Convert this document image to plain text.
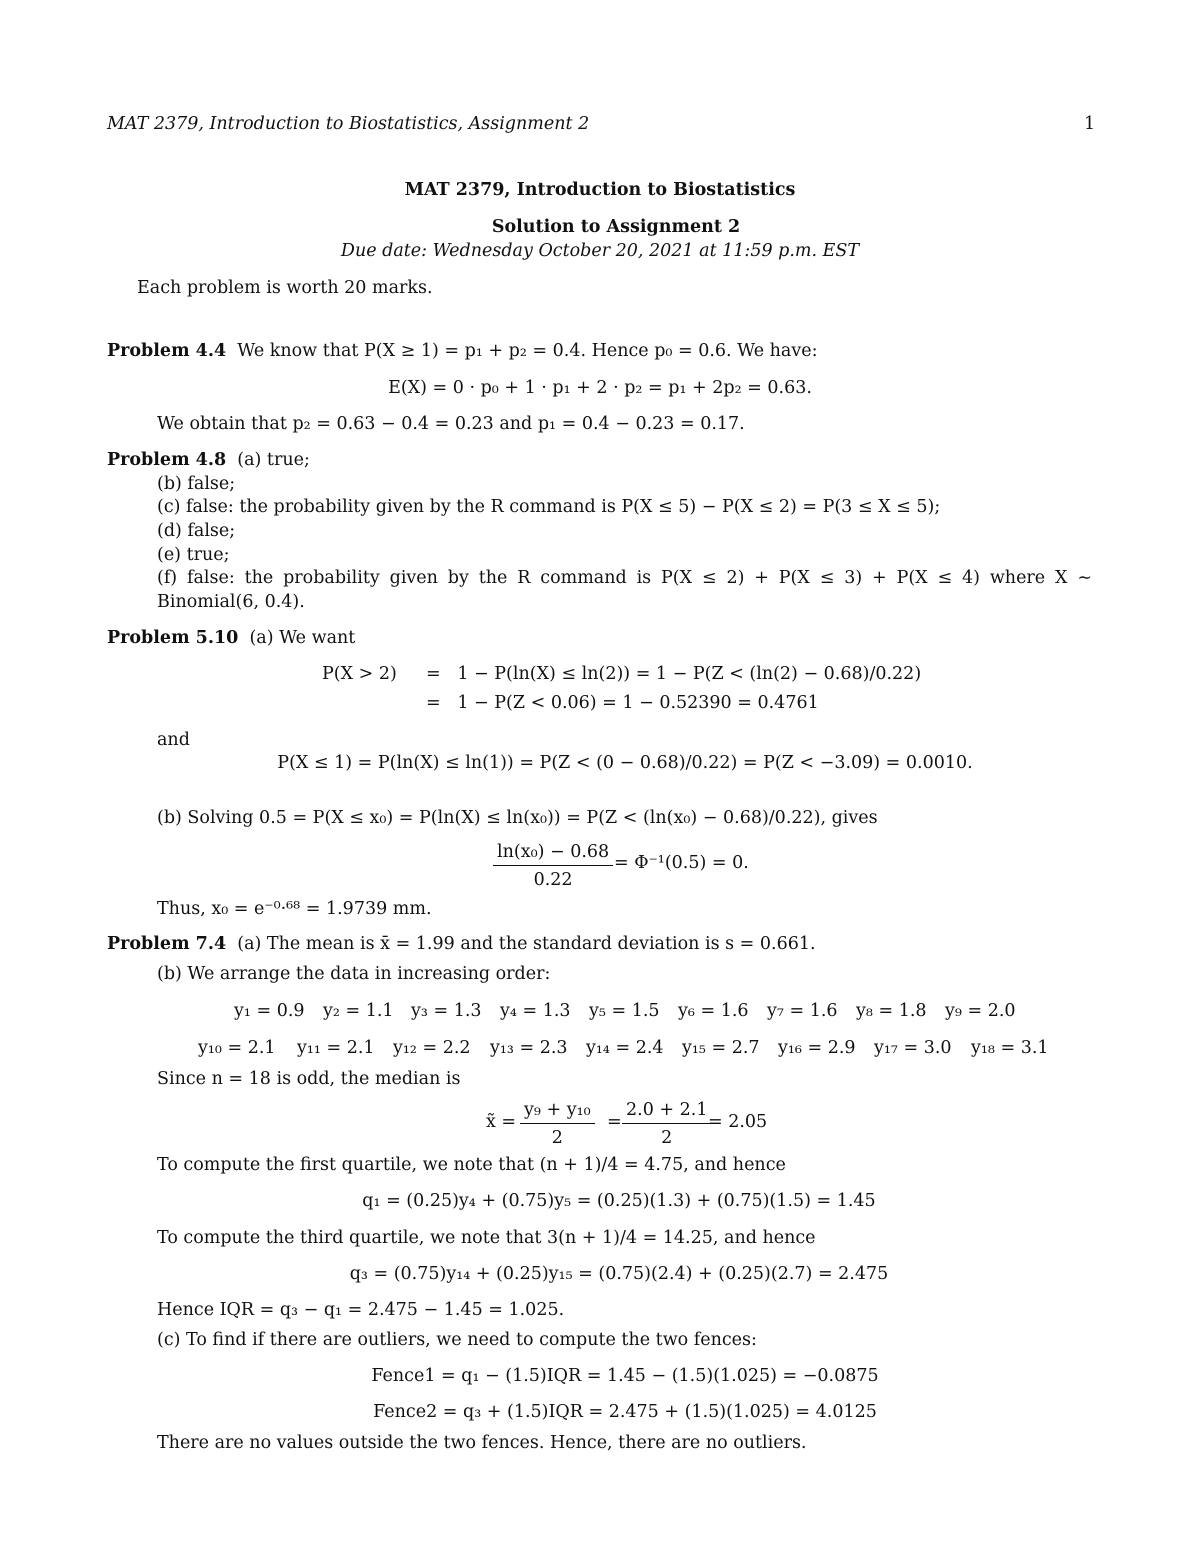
MAT 2379, Introduction to Biostatistics, Assignment 2	1
MAT 2379, Introduction to Biostatistics
Solution to Assignment 2
Due date: Wednesday October 20, 2021 at 11:59 p.m. EST
Each problem is worth 20 marks.
Problem 4.4 We know that P(X ≥ 1) = p₁ + p₂ = 0.4. Hence p₀ = 0.6. We have:
E(X) = 0 · p₀ + 1 · p₁ + 2 · p₂ = p₁ + 2p₂ = 0.63.
We obtain that p₂ = 0.63 − 0.4 = 0.23 and p₁ = 0.4 − 0.23 = 0.17.
Problem 4.8 (a) true;
(b) false;
(c) false: the probability given by the R command is P(X ≤ 5) − P(X ≤ 2) = P(3 ≤ X ≤ 5);
(d) false;
(e) true;
(f) false: the probability given by the R command is P(X ≤ 2) + P(X ≤ 3) + P(X ≤ 4) where X ∼
Binomial(6, 0.4).
Problem 5.10 (a) We want
P(X > 2) =   1 − P(ln(X) ≤ ln(2)) = 1 − P(Z < (ln(2) − 0.68)/0.22)
=   1 − P(Z < 0.06) = 1 − 0.52390 = 0.4761
and
P(X ≤ 1) = P(ln(X) ≤ ln(1)) = P(Z < (0 − 0.68)/0.22) = P(Z < −3.09) = 0.0010.
(b) Solving 0.5 = P(X ≤ x₀) = P(ln(X) ≤ ln(x₀)) = P(Z < (ln(x₀) − 0.68)/0.22), gives
$\frac{\text{ln(x₀) − 0.68}}{0.22} = \Phi^{-1}(0.5) = 0$.
Thus, x₀ = e⁻⁰·⁶⁸ = 1.9739 mm.
Problem 7.4 (a) The mean is x̄ = 1.99 and the standard deviation is s = 0.661.
(b) We arrange the data in increasing order:
y₁ = 0.9 y₂ = 1.1 y₃ = 1.3 y₄ = 1.3 y₅ = 1.5 y₆ = 1.6 y₇ = 1.6 y₈ = 1.8 y₉ = 2.0
y₁₀ = 2.1 y₁₁ = 2.1 y₁₂ = 2.2 y₁₃ = 2.3 y₁₄ = 2.4 y₁₅ = 2.7 y₁₆ = 2.9 y₁₇ = 3.0 y₁₈ = 3.1
Since n = 18 is odd, the median is
x̃ = $\frac{\text{y₉ + y₁₀}}{2} = \frac{2.0 + 2.1}{2}$
= 2.05
To compute the first quartile, we note that (n + 1)/4 = 4.75, and hence
q₁ = (0.25)y₄ + (0.75)y₅ = (0.25)(1.3) + (0.75)(1.5) = 1.45
To compute the third quartile, we note that 3(n + 1)/4 = 14.25, and hence
q₃ = (0.75)y₁₄ + (0.25)y₁₅ = (0.75)(2.4) + (0.25)(2.7) = 2.475
Hence IQR = q₃ − q₁ = 2.475 − 1.45 = 1.025.
(c) To find if there are outliers, we need to compute the two fences:
Fence1 = q₁ − (1.5)IQR = 1.45 − (1.5)(1.025) = −0.0875
Fence2 = q₃ + (1.5)IQR = 2.475 + (1.5)(1.025) = 4.0125
There are no values outside the two fences. Hence, there are no outliers.
